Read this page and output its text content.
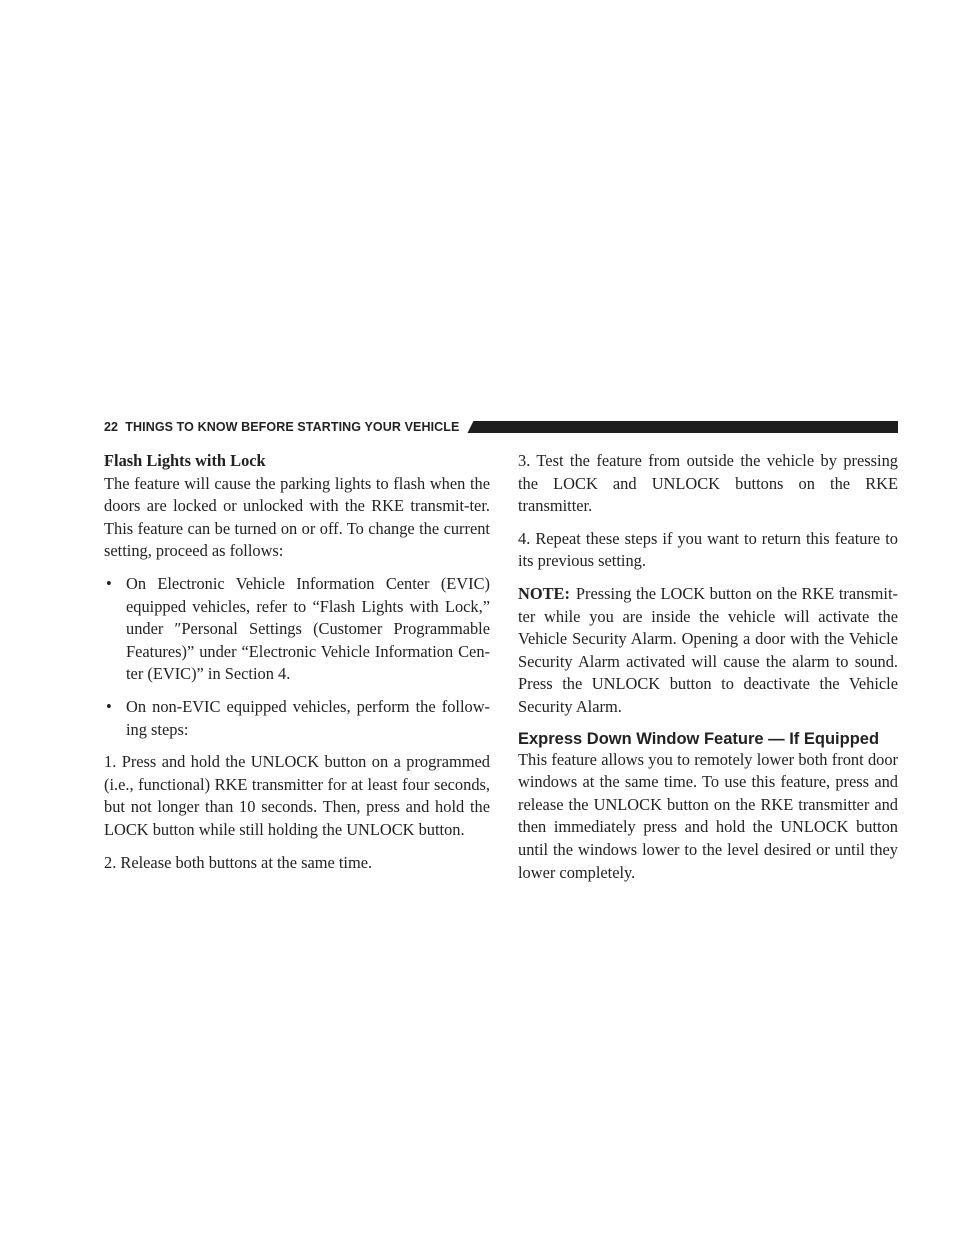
22 THINGS TO KNOW BEFORE STARTING YOUR VEHICLE
Flash Lights with Lock

The feature will cause the parking lights to flash when the doors are locked or unlocked with the RKE transmit-ter. This feature can be turned on or off. To change the current setting, proceed as follows:

• On Electronic Vehicle Information Center (EVIC) equipped vehicles, refer to “Flash Lights with Lock,” under ″Personal Settings (Customer Programmable Features)” under “Electronic Vehicle Information Cen-ter (EVIC)” in Section 4.
• On non-EVIC equipped vehicles, perform the follow-ing steps:

1. Press and hold the UNLOCK button on a programmed (i.e., functional) RKE transmitter for at least four seconds, but not longer than 10 seconds. Then, press and hold the LOCK button while still holding the UNLOCK button.

2. Release both buttons at the same time.

3. Test the feature from outside the vehicle by pressing the LOCK and UNLOCK buttons on the RKE transmitter.

4. Repeat these steps if you want to return this feature to its previous setting.

NOTE: Pressing the LOCK button on the RKE transmit-ter while you are inside the vehicle will activate the Vehicle Security Alarm. Opening a door with the Vehicle Security Alarm activated will cause the alarm to sound. Press the UNLOCK button to deactivate the Vehicle Security Alarm.

Express Down Window Feature — If Equipped

This feature allows you to remotely lower both front door windows at the same time. To use this feature, press and release the UNLOCK button on the RKE transmitter and then immediately press and hold the UNLOCK button until the windows lower to the level desired or until they lower completely.
